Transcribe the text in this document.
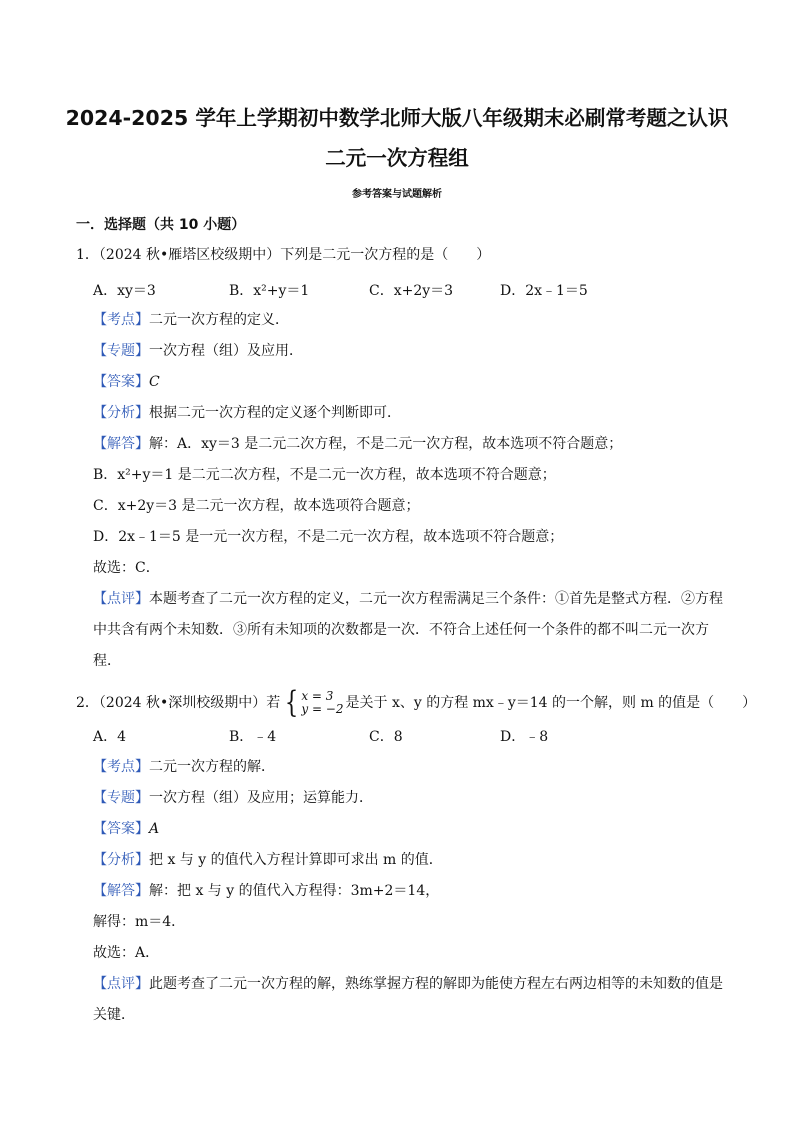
2024-2025 学年上学期初中数学北师大版八年级期末必刷常考题之认识二元一次方程组
参考答案与试题解析
一．选择题（共 10 小题）
1．（2024 秋•雁塔区校级期中）下列是二元一次方程的是（　　）
A．xy＝3	B．x²+y＝1	C．x+2y＝3	D．2x﹣1＝5
【考点】二元一次方程的定义．
【专题】一次方程（组）及应用．
【答案】C
【分析】根据二元一次方程的定义逐个判断即可．
【解答】解：A．xy＝3 是二元二次方程，不是二元一次方程，故本选项不符合题意；
B．x²+y＝1 是二元二次方程，不是二元一次方程，故本选项不符合题意；
C．x+2y＝3 是二元一次方程，故本选项符合题意；
D．2x﹣1＝5 是一元一次方程，不是二元一次方程，故本选项不符合题意；
故选：C．
【点评】本题考查了二元一次方程的定义，二元一次方程需满足三个条件：①首先是整式方程．②方程中共含有两个未知数．③所有未知项的次数都是一次．不符合上述任何一个条件的都不叫二元一次方程．
2．（2024 秋•深圳校级期中）若 { x = 3
y = −2 是关于 x、y 的方程 mx﹣y＝14 的一个解，则 m 的值是（　　）
A．4	B．﹣4	C．8	D．﹣8
【考点】二元一次方程的解．
【专题】一次方程（组）及应用；运算能力．
【答案】A
【分析】把 x 与 y 的值代入方程计算即可求出 m 的值．
【解答】解：把 x 与 y 的值代入方程得：3m+2＝14，
解得：m＝4．
故选：A．
【点评】此题考查了二元一次方程的解，熟练掌握方程的解即为能使方程左右两边相等的未知数的值是关键．
